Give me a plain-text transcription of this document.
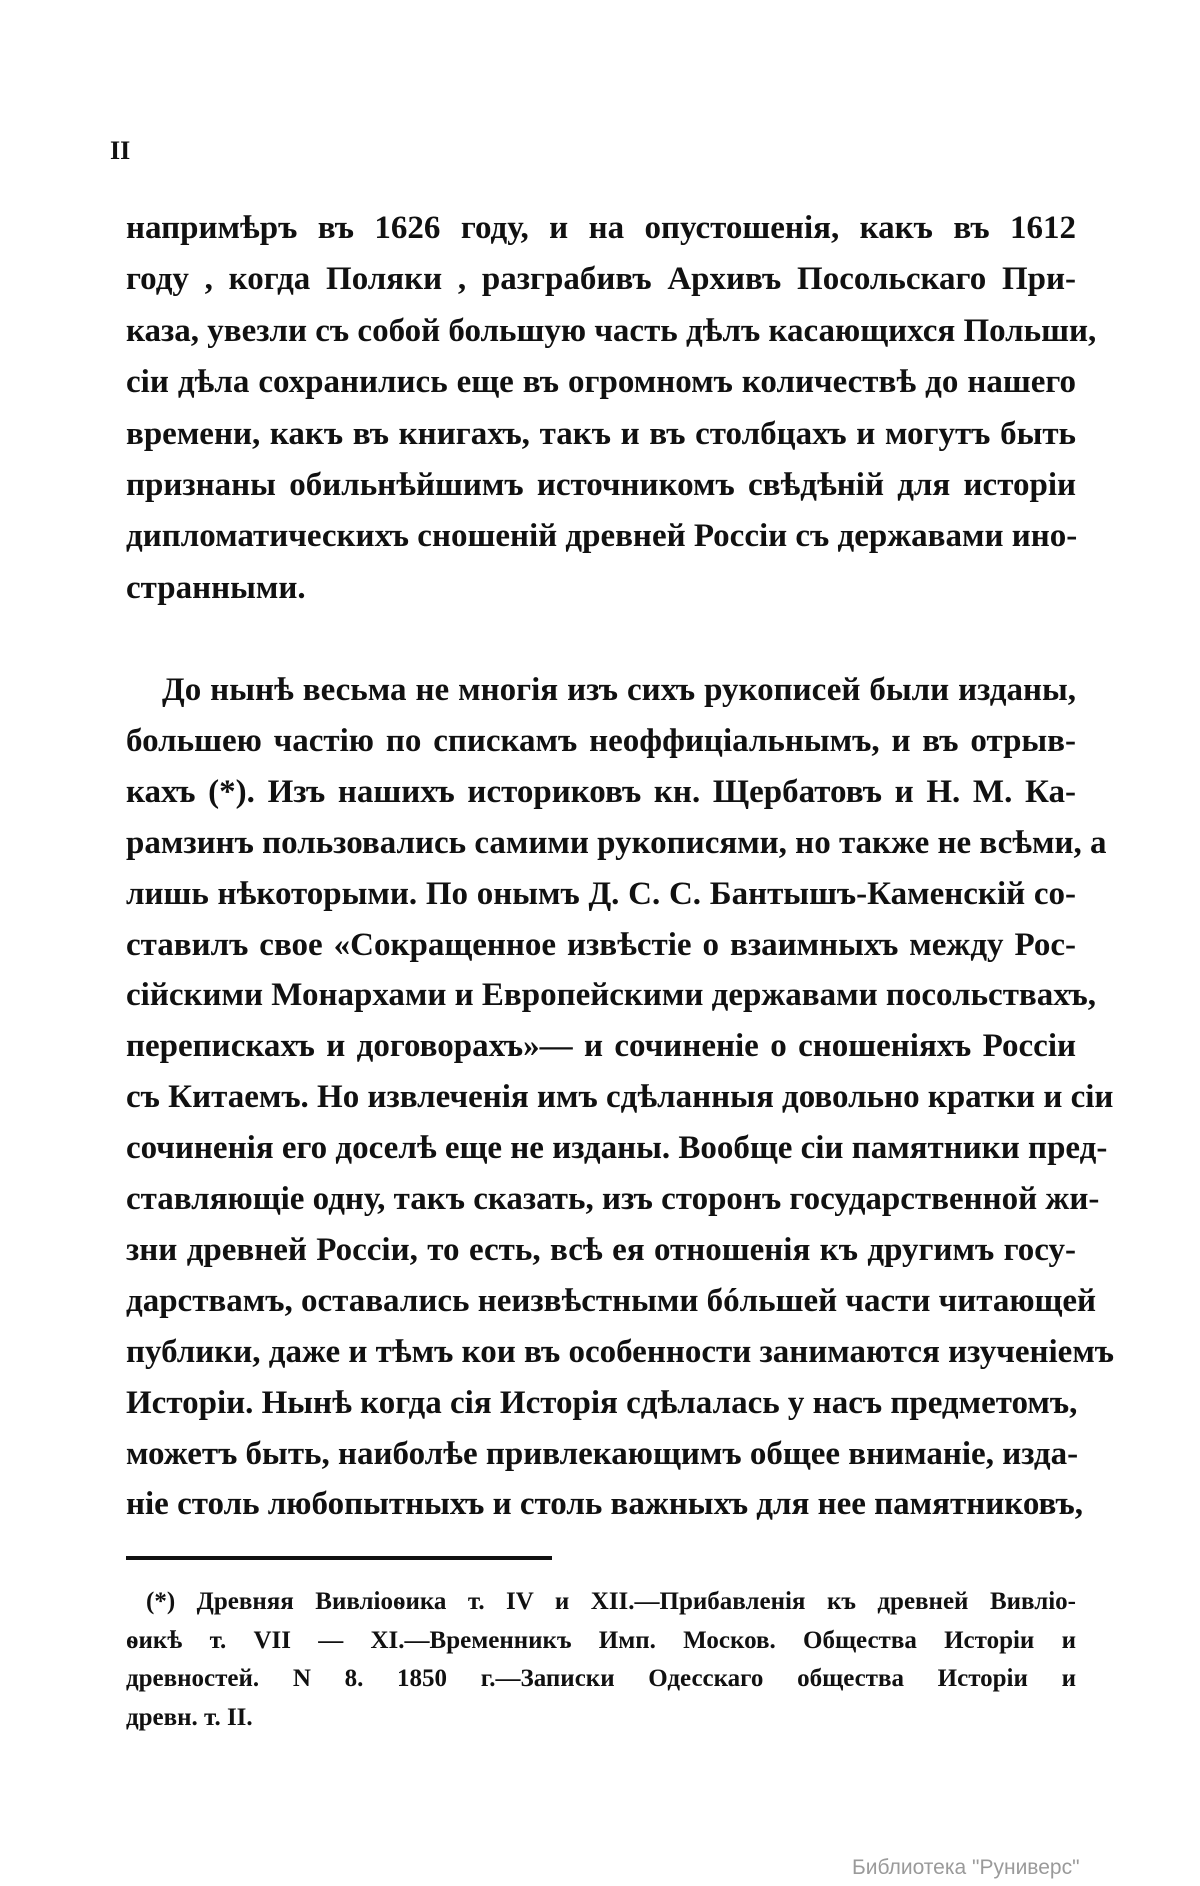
II
напримѣръ въ 1626 году, и на опустошенія, какъ въ 1612
году , когда Поляки , разграбивъ Архивъ Посольскаго При-
каза, увезли съ собой большую часть дѣлъ касающихся Польши,
сіи дѣла сохранились еще въ огромномъ количествѣ до нашего
времени, какъ въ книгахъ, такъ и въ столбцахъ и могутъ быть
признаны обильнѣйшимъ источникомъ свѣдѣній для исторіи
дипломатическихъ сношеній древней Россіи съ державами ино-
странными.
До нынѣ весьма не многія изъ сихъ рукописей были изданы,
большею частію по спискамъ неоффиціальнымъ, и въ отрыв-
кахъ (*). Изъ нашихъ историковъ кн. Щербатовъ и Н. М. Ка-
рамзинъ пользовались самими рукописями, но также не всѣми, а
лишь нѣкоторыми. По онымъ Д. С. С. Бантышъ-Каменскій со-
ставилъ свое «Сокращенное извѣстіе о взаимныхъ между Рос-
сійскими Монархами и Европейскими державами посольствахъ,
перепискахъ и договорахъ»— и сочиненіе о сношеніяхъ Россіи
съ Китаемъ. Но извлеченія имъ сдѣланныя довольно кратки и сіи
сочиненія его доселѣ еще не изданы. Вообще сіи памятники пред-
ставляющіе одну, такъ сказать, изъ сторонъ государственной жи-
зни древней Россіи, то есть, всѣ ея отношенія къ другимъ госу-
дарствамъ, оставались неизвѣстными бóльшей части читающей
публики, даже и тѣмъ кои въ особенности занимаются изученіемъ
Исторіи. Нынѣ когда сія Исторія сдѣлалась у насъ предметомъ,
можетъ быть, наиболѣе привлекающимъ общее вниманіе, изда-
ніе столь любопытныхъ и столь важныхъ для нее памятниковъ,
(*) Древняя Вивліоѳика т. IV и XII.—Прибавленія къ древней Вивліо-
ѳикѣ т. VII — XI.—Временникъ Имп. Москов. Общества Исторіи и
древностей. N 8. 1850 г.—Записки Одесскаго общества Исторіи и
древн. т. II.
Библиотека "Руниверс"
